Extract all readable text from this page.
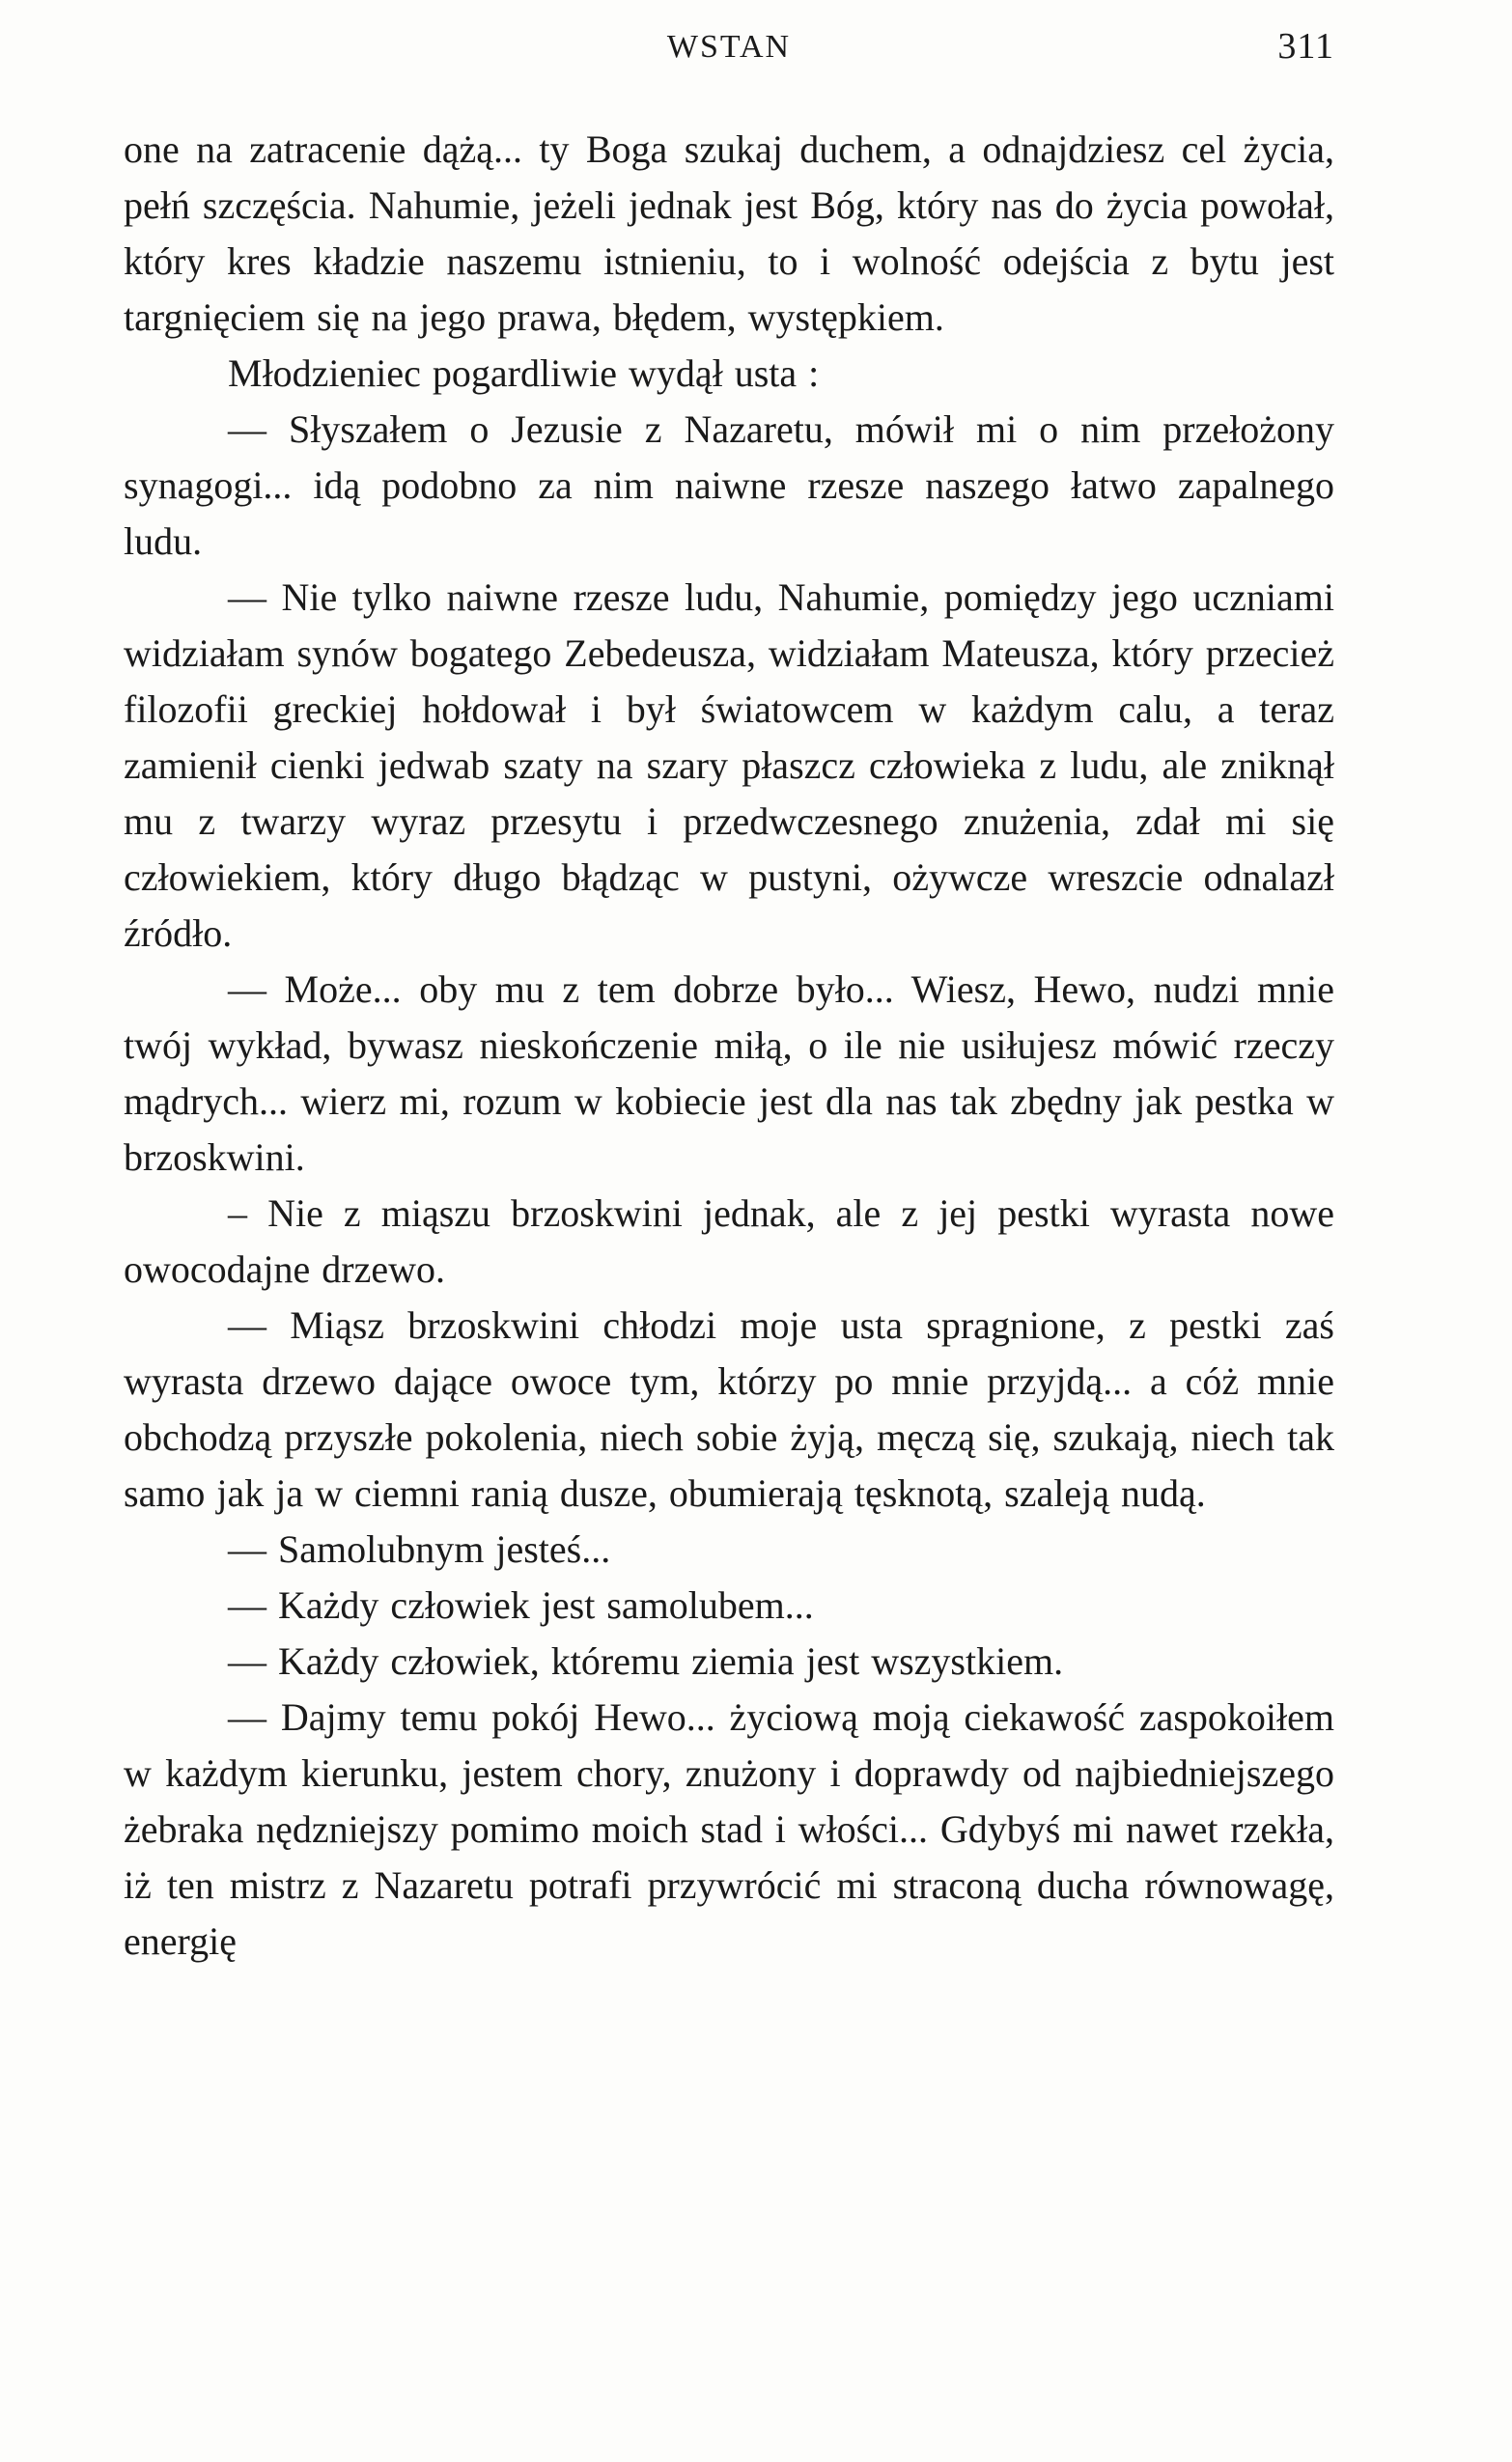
WSTAN	311

one na zatracenie dążą... ty Boga szukaj duchem, a odnajdziesz cel życia, pełń szczęścia. Nahumie, jeżeli jednak jest Bóg, który nas do życia powołał, który kres kładzie naszemu istnieniu, to i wolność odejścia z bytu jest targnięciem się na jego prawa, błędem, występkiem.

Młodzieniec pogardliwie wydął usta :

— Słyszałem o Jezusie z Nazaretu, mówił mi o nim przełożony synagogi... idą podobno za nim naiwne rzesze naszego łatwo zapalnego ludu.

— Nie tylko naiwne rzesze ludu, Nahumie, pomiędzy jego uczniami widziałam synów bogatego Zebedeusza, widziałam Mateusza, który przecież filozofii greckiej hołdował i był światowcem w każdym calu, a teraz zamienił cienki jedwab szaty na szary płaszcz człowieka z ludu, ale zniknął mu z twarzy wyraz przesytu i przedwczesnego znużenia, zdał mi się człowiekiem, który długo błądząc w pustyni, ożywcze wreszcie odnalazł źródło.

— Może... oby mu z tem dobrze było... Wiesz, Hewo, nudzi mnie twój wykład, bywasz nieskończenie miłą, o ile nie usiłujesz mówić rzeczy mądrych... wierz mi, rozum w kobiecie jest dla nas tak zbędny jak pestka w brzoskwini.

– Nie z miąszu brzoskwini jednak, ale z jej pestki wyrasta nowe owocodajne drzewo.

— Miąsz brzoskwini chłodzi moje usta spragnione, z pestki zaś wyrasta drzewo dające owoce tym, którzy po mnie przyjdą... a cóż mnie obchodzą przyszłe pokolenia, niech sobie żyją, męczą się, szukają, niech tak samo jak ja w ciemni ranią dusze, obumierają tęsknotą, szaleją nudą.

— Samolubnym jesteś...

— Każdy człowiek jest samolubem...

— Każdy człowiek, któremu ziemia jest wszystkiem.

— Dajmy temu pokój Hewo... życiową moją ciekawość zaspokoiłem w każdym kierunku, jestem chory, znużony i doprawdy od najbiedniejszego żebraka nędzniejszy pomimo moich stad i włości... Gdybyś mi nawet rzekła, iż ten mistrz z Nazaretu potrafi przywrócić mi straconą ducha równowagę, energię
